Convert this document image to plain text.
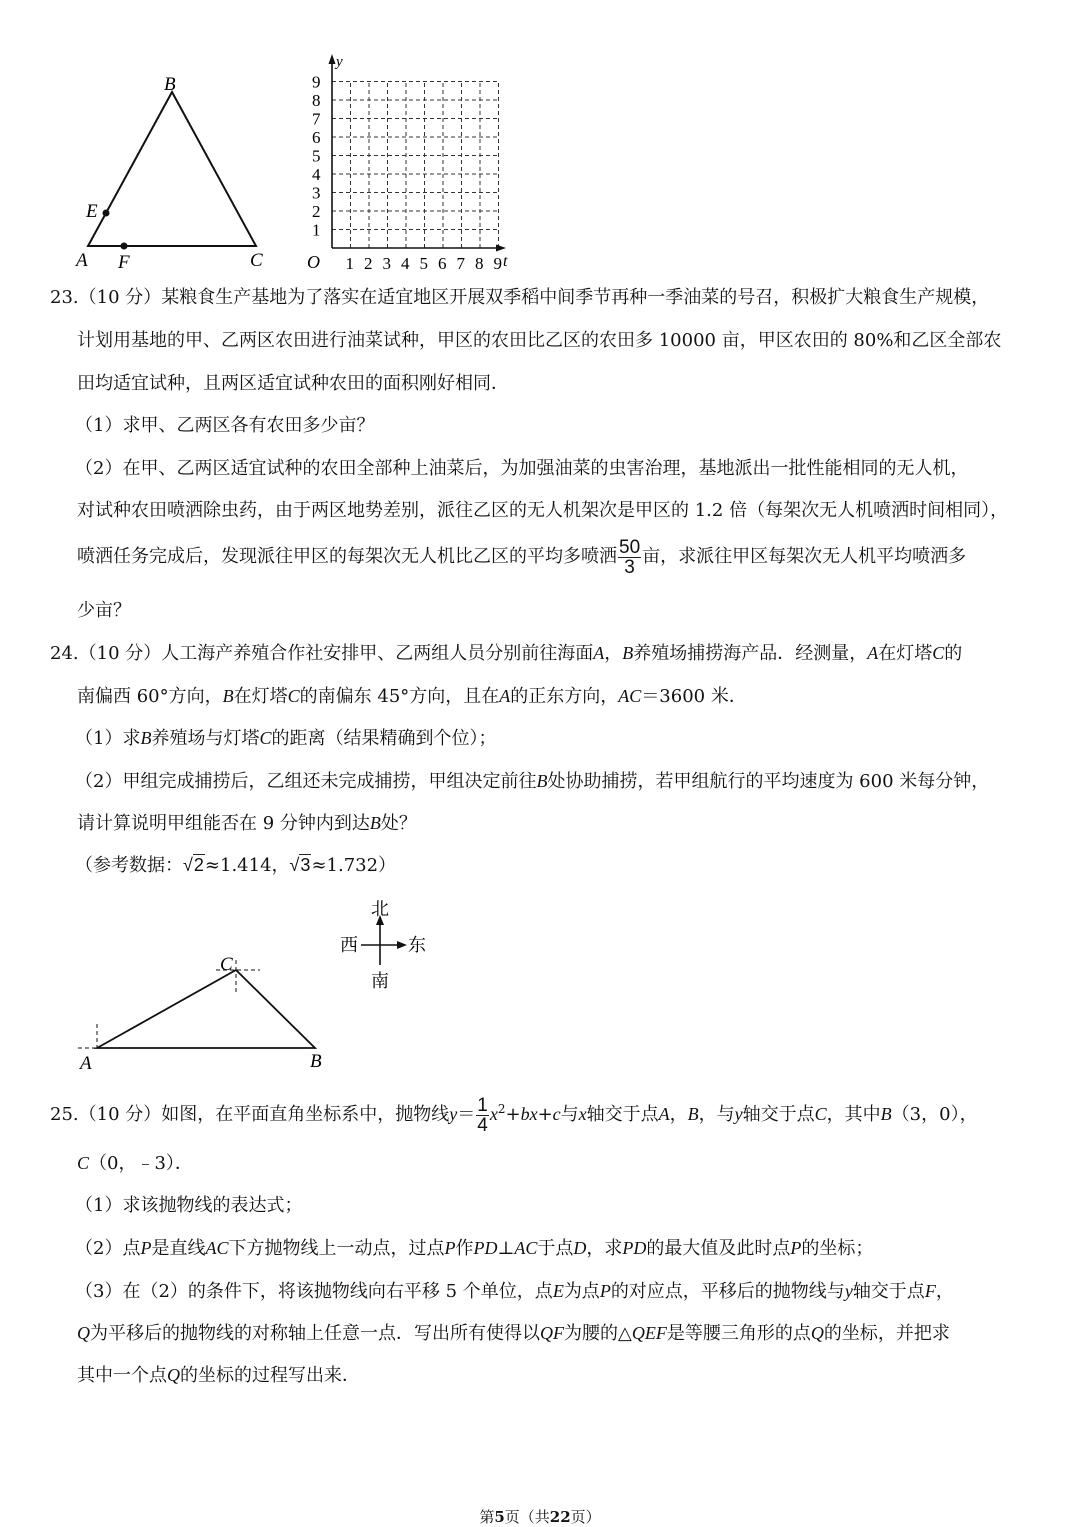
B
E
A F	C
y
t
O
1
2
3
4
5
6
7
8
9
1 2 3 4 5 6 7 8 9
23.（10 分）某粮食生产基地为了落实在适宜地区开展双季稻中间季节再种一季油菜的号召，积极扩大粮食生产规模，
计划用基地的甲、乙两区农田进行油菜试种，甲区的农田比乙区的农田多 10000 亩，甲区农田的 80%和乙区全部农
田均适宜试种，且两区适宜试种农田的面积刚好相同．
（1）求甲、乙两区各有农田多少亩？
（2）在甲、乙两区适宜试种的农田全部种上油菜后，为加强油菜的虫害治理，基地派出一批性能相同的无人机，
对试种农田喷洒除虫药，由于两区地势差别，派往乙区的无人机架次是甲区的 1.2 倍（每架次无人机喷洒时间相同），
喷洒任务完成后，发现派往甲区的每架次无人机比乙区的平均多喷洒 $\frac{50}{3}$ 亩，求派往甲区每架次无人机平均喷洒多
少亩？
24.（10 分）人工海产养殖合作社安排甲、乙两组人员分别前往海面A，B养殖场捕捞海产品．经测量，A在灯塔C的
南偏西 60°方向，B在灯塔C的南偏东 45°方向，且在A的正东方向，AC＝3600 米．
（1）求B养殖场与灯塔C的距离（结果精确到个位）；
（2）甲组完成捕捞后，乙组还未完成捕捞，甲组决定前往B处协助捕捞，若甲组航行的平均速度为 600 米每分钟，
请计算说明甲组能否在 9 分钟内到达B处？
（参考数据：√2≈1.414，√3≈1.732）
北
西	东
南
C
A	B
25.（10 分）如图，在平面直角坐标系中，抛物线$y= \frac{1}{4} x^2+bx+c$与x轴交于点A，B，与y轴交于点C，其中B（3，0），
C（0，﹣3）．
（1）求该抛物线的表达式；
（2）点P是直线AC下方抛物线上一动点，过点P作PD⊥AC于点D，求PD的最大值及此时点P的坐标；
（3）在（2）的条件下，将该抛物线向右平移 5 个单位，点E为点P的对应点，平移后的抛物线与y轴交于点F，
Q为平移后的抛物线的对称轴上任意一点．写出所有使得以QF为腰的△QEF是等腰三角形的点Q的坐标，并把求
其中一个点Q的坐标的过程写出来．
第5页（共22页）
